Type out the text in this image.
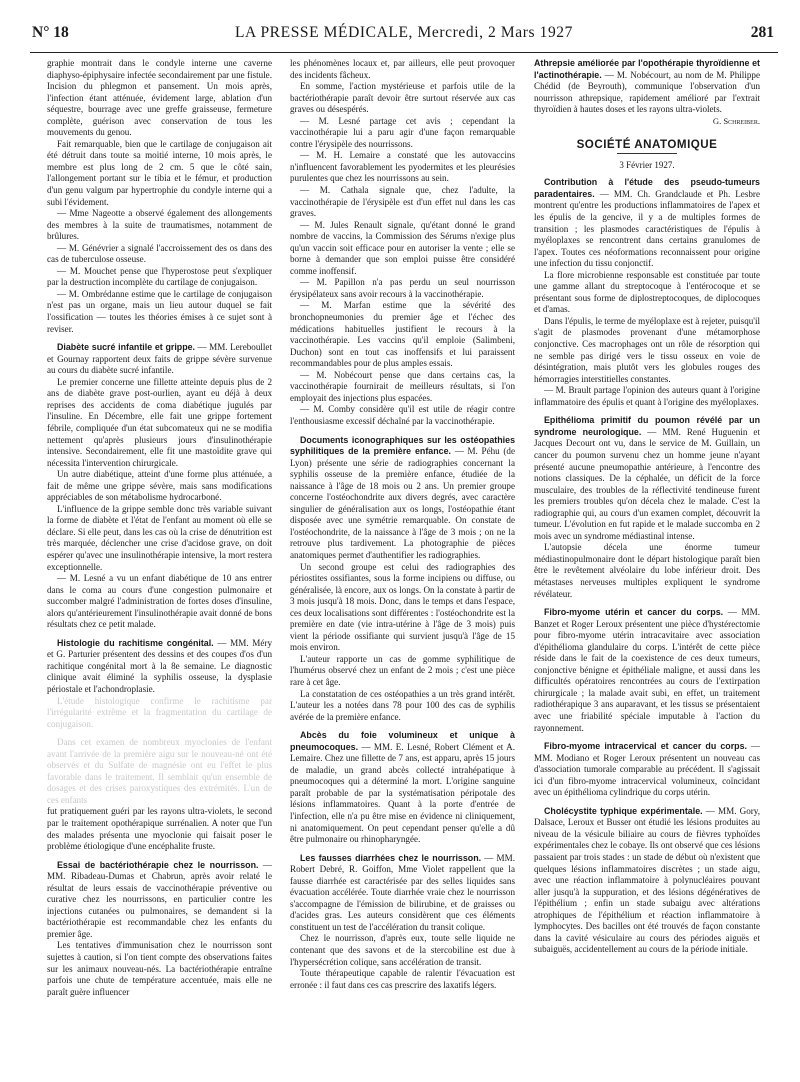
N° 18	LA PRESSE MÉDICALE, Mercredi, 2 Mars 1927	281

graphie montrait dans le condyle interne une caverne diaphyso-épiphysaire infectée secondairement par une fistule. Incision du phlegmon et pansement. Un mois après, l'infection étant atténuée, évidement large, ablation d'un séquestre, bourrage avec une greffe graisseuse, fermeture complète, guérison avec conservation de tous les mouvements du genou.

Fait remarquable, bien que le cartilage de conjugaison ait été détruit dans toute sa moitié interne, 10 mois après, le membre est plus long de 2 cm. 5 que le côté sain, l'allongement portant sur le tibia et le fémur, et production d'un genu valgum par hypertrophie du condyle interne qui a subi l'évidement.

— Mme Nageotte a observé également des allongements des membres à la suite de traumatismes, notamment de brûlures.

— M. Génévrier a signalé l'accroissement des os dans des cas de tuberculose osseuse.

— M. Mouchet pense que l'hyperostose peut s'expliquer par la destruction incomplète du cartilage de conjugaison.

— M. Ombrédanne estime que le cartilage de conjugaison n'est pas un organe, mais un lieu autour duquel se fait l'ossification — toutes les théories émises à ce sujet sont à reviser.

Diabète sucré infantile et grippe. — MM. Lereboullet et Gournay rapportent deux faits de grippe sévère survenue au cours du diabète sucré infantile.

Le premier concerne une fillette atteinte depuis plus de 2 ans de diabète grave post-ourlien, ayant eu déjà à deux reprises des accidents de coma diabétique jugulés par l'insuline. En Décembre, elle fait une grippe fortement fébrile, compliquée d'un état subcomateux qui ne se modifia nettement qu'après plusieurs jours d'insulinothérapie intensive. Secondairement, elle fit une mastoïdite grave qui nécessita l'intervention chirurgicale.

Un autre diabétique, atteint d'une forme plus atténuée, a fait de même une grippe sévère, mais sans modifications appréciables de son métabolisme hydrocarboné.

L'influence de la grippe semble donc très variable suivant la forme de diabète et l'état de l'enfant au moment où elle se déclare. Si elle peut, dans les cas où la crise de dénutrition est très marquée, déclencher une crise d'acidose grave, on doit espérer qu'avec une insulinothérapie intensive, la mort restera exceptionnelle.

— M. Lesné a vu un enfant diabétique de 10 ans entrer dans le coma au cours d'une congestion pulmonaire et succomber malgré l'administration de fortes doses d'insuline, alors qu'antérieurement l'insulinothérapie avait donné de bons résultats chez ce petit malade.

Histologie du rachitisme congénital. — MM. Méry et G. Parturier présentent des dessins et des coupes d'os d'un rachitique congénital mort à la 8e semaine. Le diagnostic clinique avait éliminé la syphilis osseuse, la dysplasie périostale et l'achondroplasie.

L'étude histologique confirme le rachitisme par l'irrégularité extrême et la fragmentation du cartilage de conjugaison.

Dans cet examen de nombreux myoclonies de l'enfant avant l'arrivée de la première aigu sur le nouveau-né ont été observés et du Sulfate de magnésie ont eu l'effet le plus favorable dans le traitement. Il semblait qu'un ensemble de dosages et des crises paroxystiques des extrémités. L'un de ces enfants

fut pratiquement guéri par les rayons ultra-violets, le second par le traitement opothérapique surrénalien. A noter que l'un des malades présenta une myoclonie qui faisait poser le problème étiologique d'une encéphalite fruste.

Essai de bactériothérapie chez le nourrisson. — MM. Ribadeau-Dumas et Chabrun, après avoir relaté le résultat de leurs essais de vaccinothérapie préventive ou curative chez les nourrissons, en particulier contre les injections cutanées ou pulmonaires, se demandent si la bactériothérapie est recommandable chez les enfants du premier âge.

Les tentatives d'immunisation chez le nourrisson sont sujettes à caution, si l'on tient compte des observations faites sur les animaux nouveau-nés. La bactériothérapie entraîne parfois une chute de température accentuée, mais elle ne paraît guère influencer

les phénomènes locaux et, par ailleurs, elle peut provoquer des incidents fâcheux.

En somme, l'action mystérieuse et parfois utile de la bactériothérapie paraît devoir être surtout réservée aux cas graves ou désespérés.

— M. Lesné partage cet avis ; cependant la vaccinothérapie lui a paru agir d'une façon remarquable contre l'érysipèle des nourrissons.

— M. H. Lemaire a constaté que les autovaccins n'influencent favorablement les pyodermites et les pleurésies purulentes que chez les nourrissons au sein.

— M. Cathala signale que, chez l'adulte, la vaccinothérapie de l'érysipèle est d'un effet nul dans les cas graves.

— M. Jules Renault signale, qu'étant donné le grand nombre de vaccins, la Commission des Sérums n'exige plus qu'un vaccin soit efficace pour en autoriser la vente ; elle se borne à demander que son emploi puisse être considéré comme inoffensif.

— M. Papillon n'a pas perdu un seul nourrisson érysipélateux sans avoir recours à la vaccinothérapie.

— M. Marfan estime que la sévérité des bronchopneumonies du premier âge et l'échec des médications habituelles justifient le recours à la vaccinothérapie. Les vaccins qu'il emploie (Salimbeni, Duchon) sont en tout cas inoffensifs et lui paraissent recommandables pour de plus amples essais.

— M. Nobécourt pense que dans certains cas, la vaccinothérapie fournirait de meilleurs résultats, si l'on employait des injections plus espacées.

— M. Comby considère qu'il est utile de réagir contre l'enthousiasme excessif déchaîné par la vaccinothérapie.

Documents iconographiques sur les ostéopathies syphilitiques de la première enfance. — M. Péhu (de Lyon) présente une série de radiographies concernant la syphilis osseuse de la première enfance, étudiée de la naissance à l'âge de 18 mois ou 2 ans. Un premier groupe concerne l'ostéochondrite aux divers degrés, avec caractère singulier de généralisation aux os longs, l'ostéopathie étant disposée avec une symétrie remarquable. On constate de l'ostéochondrite, de la naissance à l'âge de 3 mois ; on ne la retrouve plus tardivement. La photographie de pièces anatomiques permet d'authentifier les radiographies.

Un second groupe est celui des radiographies des périostites ossifiantes, sous la forme incipiens ou diffuse, ou généralisée, là encore, aux os longs. On la constate à partir de 3 mois jusqu'à 18 mois. Donc, dans le temps et dans l'espace, ces deux localisations sont différentes : l'ostéochondrite est la première en date (vie intra-utérine à l'âge de 3 mois) puis vient la période ossifiante qui survient jusqu'à l'âge de 15 mois environ.

L'auteur rapporte un cas de gomme syphilitique de l'humérus observé chez un enfant de 2 mois ; c'est une pièce rare à cet âge.

La constatation de ces ostéopathies a un très grand intérêt. L'auteur les a notées dans 78 pour 100 des cas de syphilis avérée de la première enfance.

Abcès du foie volumineux et unique à pneumocoques. — MM. E. Lesné, Robert Clément et A. Lemaire. Chez une fillette de 7 ans, est apparu, après 15 jours de maladie, un grand abcès collecté intrahépatique à pneumocoques qui a déterminé la mort. L'origine sanguine paraît probable de par la systématisation péripotale des lésions inflammatoires. Quant à la porte d'entrée de l'infection, elle n'a pu être mise en évidence ni cliniquement, ni anatomiquement. On peut cependant penser qu'elle a dû être pulmonaire ou rhinopharyngée.

Les fausses diarrhées chez le nourrisson. — MM. Robert Debré, R. Goiffon, Mme Violet rappellent que la fausse diarrhée est caractérisée par des selles liquides sans évacuation accélérée. Toute diarrhée vraie chez le nourrisson s'accompagne de l'émission de bilirubine, et de graisses ou d'acides gras. Les auteurs considèrent que ces éléments constituent un test de l'accélération du transit colique.

Chez le nourrisson, d'après eux, toute selle liquide ne contenant que des savons et de la stercobiline est due à l'hypersécrétion colique, sans accélération de transit.

Toute thérapeutique capable de ralentir l'évacuation est erronée : il faut dans ces cas prescrire des laxatifs légers.

Athrepsie améliorée par l'opothérapie thyroïdienne et l'actinothérapie. — M. Nobécourt, au nom de M. Philippe Chédid (de Beyrouth), communique l'observation d'un nourrisson athrepsique, rapidement amélioré par l'extrait thyroïdien à hautes doses et les rayons ultra-violets.

G. Schreiber.

SOCIÉTÉ ANATOMIQUE
3 Février 1927.

Contribution à l'étude des pseudo-tumeurs paradentaires. — MM. Ch. Grandclaude et Ph. Lesbre montrent qu'entre les productions inflammatoires de l'apex et les épulis de la gencive, il y a de multiples formes de transition ; les plasmodes caractéristiques de l'épulis à myéloplaxes se rencontrent dans certains granulomes de l'apex. Toutes ces néoformations reconnaissent pour origine une infection du tissu conjonctif.

La flore microbienne responsable est constituée par toute une gamme allant du streptocoque à l'entérocoque et se présentant sous forme de diplostreptocoques, de diplocoques et d'amas.

Dans l'épulis, le terme de myéloplaxe est à rejeter, puisqu'il s'agit de plasmodes provenant d'une métamorphose conjonctive. Ces macrophages ont un rôle de résorption qui ne semble pas dirigé vers le tissu osseux en voie de désintégration, mais plutôt vers les globules rouges des hémorragies interstitielles constantes.

— M. Brault partage l'opinion des auteurs quant à l'origine inflammatoire des épulis et quant à l'origine des myéloplaxes.

Epithélioma primitif du poumon révélé par un syndrome neurologique. — MM. René Huguenin et Jacques Decourt ont vu, dans le service de M. Guillain, un cancer du poumon survenu chez un homme jeune n'ayant présenté aucune pneumopathie antérieure, à l'encontre des notions classiques. De la céphalée, un déficit de la force musculaire, des troubles de la réflectivité tendineuse furent les premiers troubles qu'on décela chez le malade. C'est la radiographie qui, au cours d'un examen complet, découvrit la tumeur. L'évolution en fut rapide et le malade succomba en 2 mois avec un syndrome médiastinal intense.

L'autopsie décela une énorme tumeur médiastinopulmonaire dont le départ histologique paraît bien être le revêtement alvéolaire du lobe inférieur droit. Des métastases nerveuses multiples expliquent le syndrome révélateur.

Fibro-myome utérin et cancer du corps. — MM. Banzet et Roger Leroux présentent une pièce d'hystérectomie pour fibro-myome utérin intracavitaire avec association d'épithélioma glandulaire du corps. L'intérêt de cette pièce réside dans le fait de la coexistence de ces deux tumeurs, conjonctive bénigne et épithéliale maligne, et aussi dans les difficultés opératoires rencontrées au cours de l'extirpation chirurgicale ; la malade avait subi, en effet, un traitement radiothérapique 3 ans auparavant, et les tissus se présentaient avec une friabilité spéciale imputable à l'action du rayonnement.

Fibro-myome intracervical et cancer du corps. — MM. Modiano et Roger Leroux présentent un nouveau cas d'association tumorale comparable au précédent. Il s'agissait ici d'un fibro-myome intracervical volumineux, coïncidant avec un épithélioma cylindrique du corps utérin.

Cholécystite typhique expérimentale. — MM. Gory, Dalsace, Leroux et Busser ont étudié les lésions produites au niveau de la vésicule biliaire au cours de fièvres typhoïdes expérimentales chez le cobaye. Ils ont observé que ces lésions passaient par trois stades : un stade de début où n'existent que quelques lésions inflammatoires discrètes ; un stade aigu, avec une réaction inflammatoire à polynucléaires pouvant aller jusqu'à la suppuration, et des lésions dégénératives de l'épithélium ; enfin un stade subaigu avec altérations atrophiques de l'épithélium et réaction inflammatoire à lymphocytes. Des bacilles ont été trouvés de façon constante dans la cavité vésiculaire au cours des périodes aiguës et subaiguës, accidentellement au cours de la période initiale.
